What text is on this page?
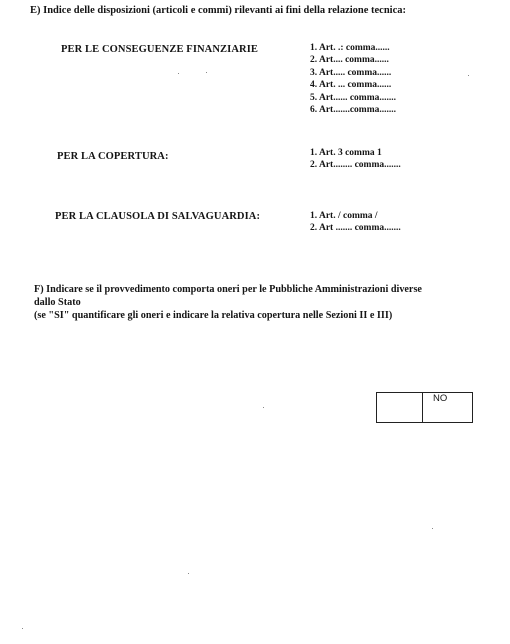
E) Indice delle disposizioni (articoli e commi) rilevanti ai fini della relazione tecnica:
PER LE CONSEGUENZE FINANZIARIE	1. Art. .: comma......
2. Art.... comma......
3. Art..... comma......
4. Art. ... comma......
5. Art...... comma.......
6. Art.......comma.......
PER LA COPERTURA:	1. Art. 3 comma 1
2. Art........ comma.......
PER LA CLAUSOLA DI SALVAGUARDIA:	1. Art. / comma /
2. Art ....... comma.......
F) Indicare se il provvedimento comporta oneri per le Pubbliche Amministrazioni diverse
dallo Stato
(se "SI" quantificare gli oneri e indicare la relativa copertura nelle Sezioni II e III)
NO
